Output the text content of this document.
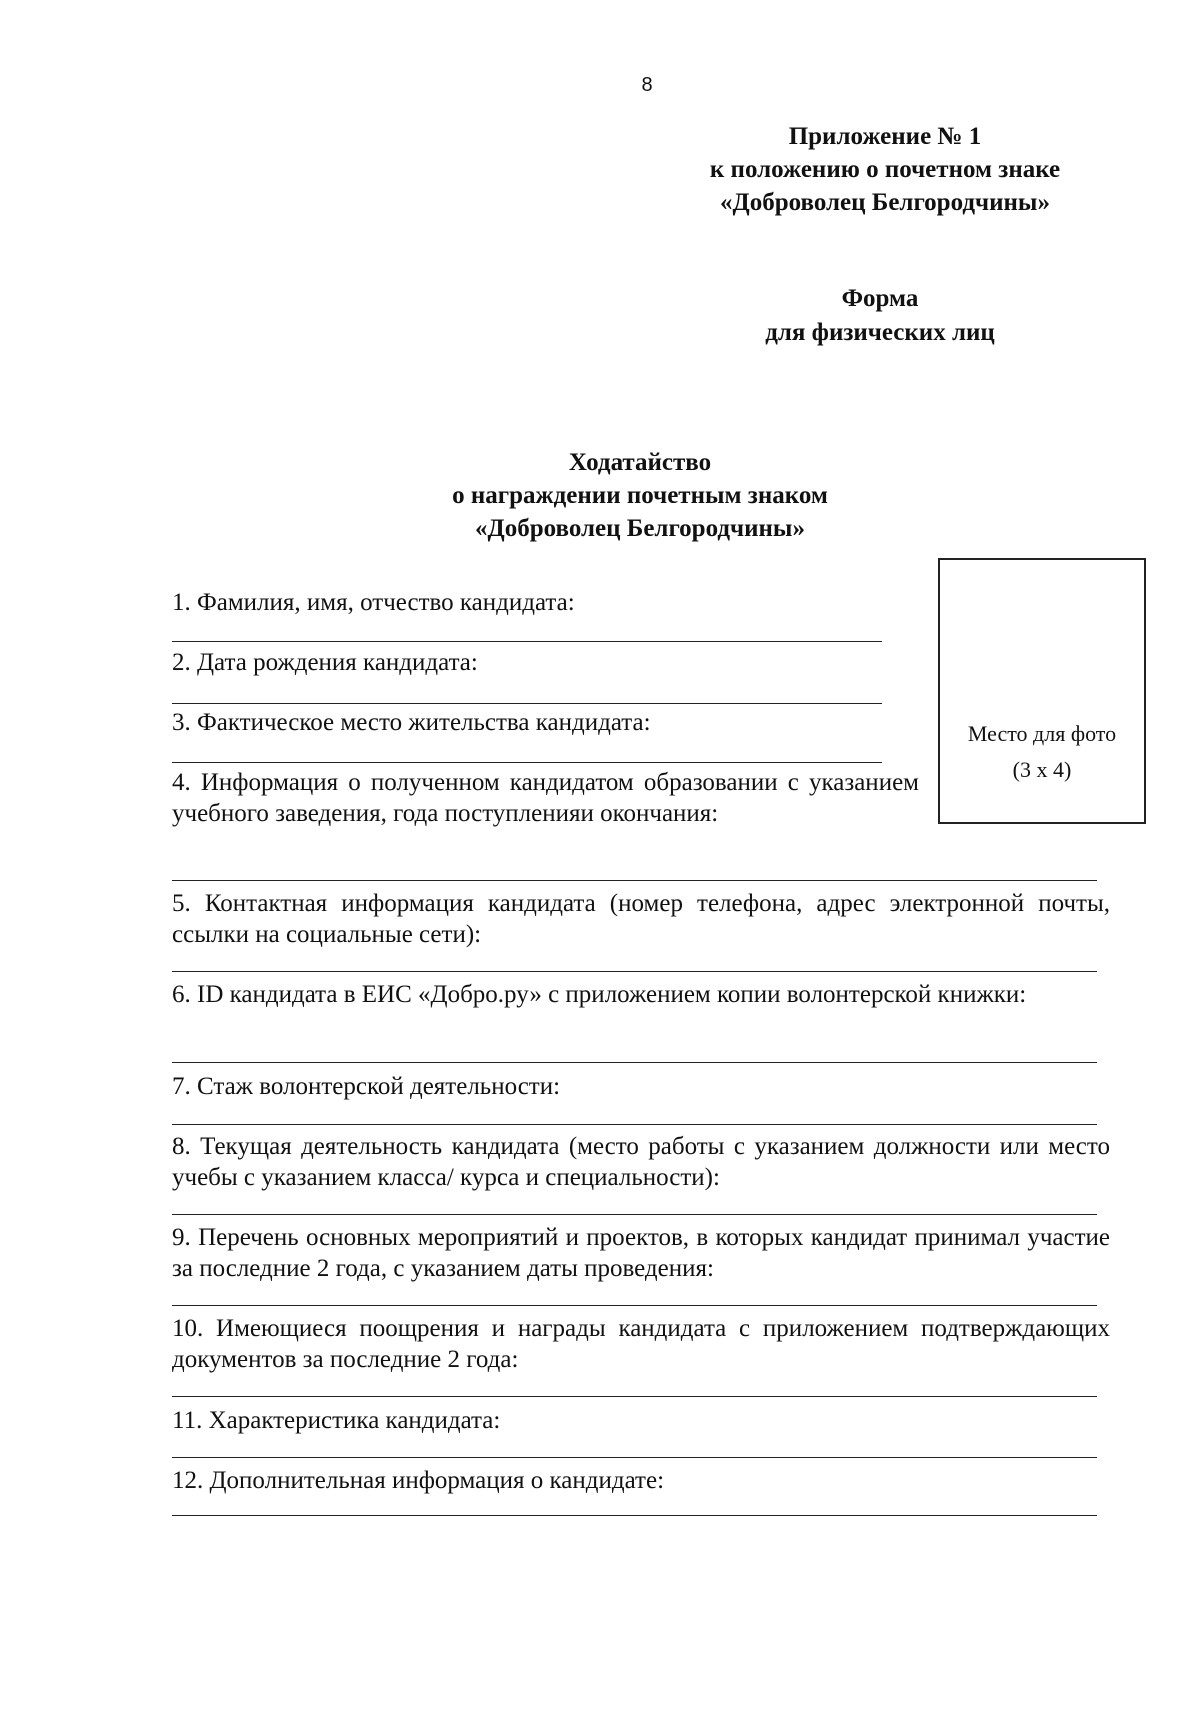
8
Приложение № 1
к положению о почетном знаке
«Доброволец Белгородчины»
Форма
для физических лиц
Ходатайство
о награждении почетным знаком
«Доброволец Белгородчины»
Место для фото
(3 х 4)
1. Фамилия, имя, отчество кандидата:
2. Дата рождения кандидата:
3. Фактическое место жительства кандидата:
4. Информация о полученном кандидатом образовании с указанием учебного заведения, года поступленияи окончания:
5. Контактная информация кандидата (номер телефона, адрес электронной почты, ссылки на социальные сети):
6. ID кандидата в ЕИС «Добро.ру» с приложением копии волонтерской книжки:
7. Стаж волонтерской деятельности:
8. Текущая деятельность кандидата (место работы с указанием должности или место учебы с указанием класса/ курса и специальности):
9. Перечень основных мероприятий и проектов, в которых кандидат принимал участие за последние 2 года, с указанием даты проведения:
10. Имеющиеся поощрения и награды кандидата с приложением подтверждающих документов за последние 2 года:
11. Характеристика кандидата:
12. Дополнительная информация о кандидате:
